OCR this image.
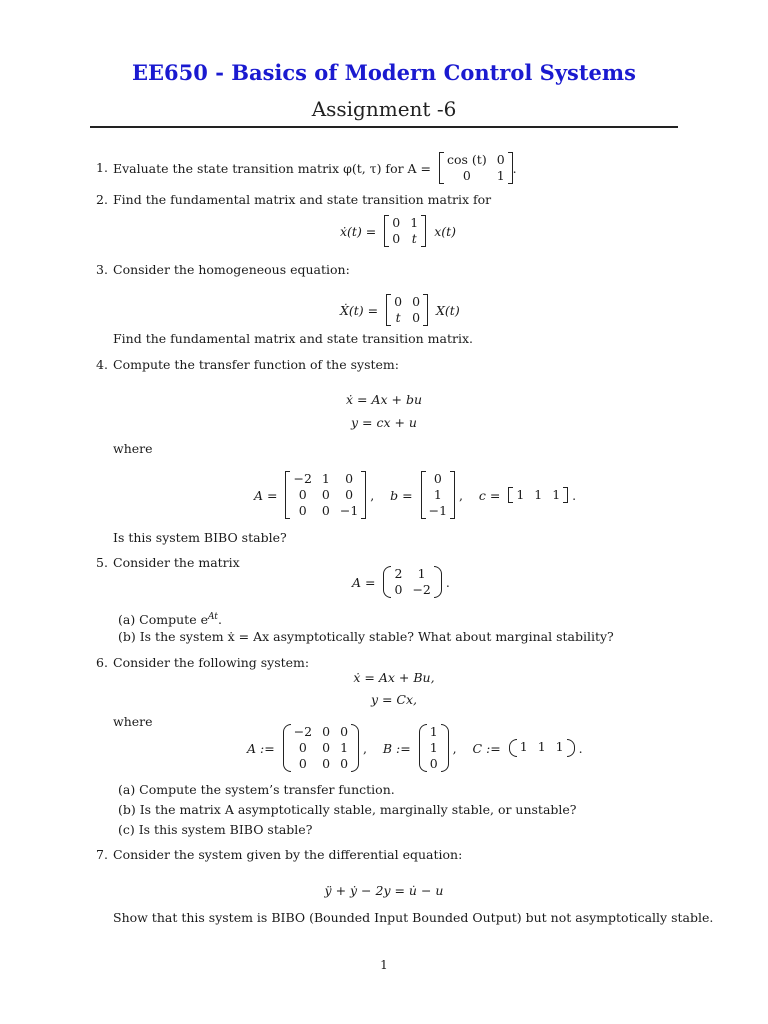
EE650 - Basics of Modern Control Systems
Assignment -6
1. Evaluate the state transition matrix φ(t, τ) for A =
cos (t) 0
0	1 .
2. Find the fundamental matrix and state transition matrix for
ẋ(t) =
0 1
0 t x(t)
3. Consider the homogeneous equation:
Ẋ(t) =
0 0
t 0 X(t)
Find the fundamental matrix and state transition matrix.
4. Compute the transfer function of the system:
ẋ = Ax + bu
y = cx + u
where
A =
−2 1	0
0	0	0
0	0 −1
, b =
0
1
−1
, c = 1 1 1 .
Is this system BIBO stable?
5. Consider the matrix
A =
2	1
0 −2 .
(a) Compute $e^{At}$.
(b) Is the system ẋ = Ax asymptotically stable? What about marginal stability?
6. Consider the following system:
ẋ = Ax + Bu,
y = Cx,
where
A :=
−2 0 0
0	0 1
0	0 0
, B :=
1
1
0
, C := 1 1 1 .
(a) Compute the system’s transfer function.
(b) Is the matrix A asymptotically stable, marginally stable, or unstable?
(c) Is this system BIBO stable?
7. Consider the system given by the differential equation:
ÿ + ẏ − 2y = u̇ − u
Show that this system is BIBO (Bounded Input Bounded Output) but not asymptotically stable.
1
